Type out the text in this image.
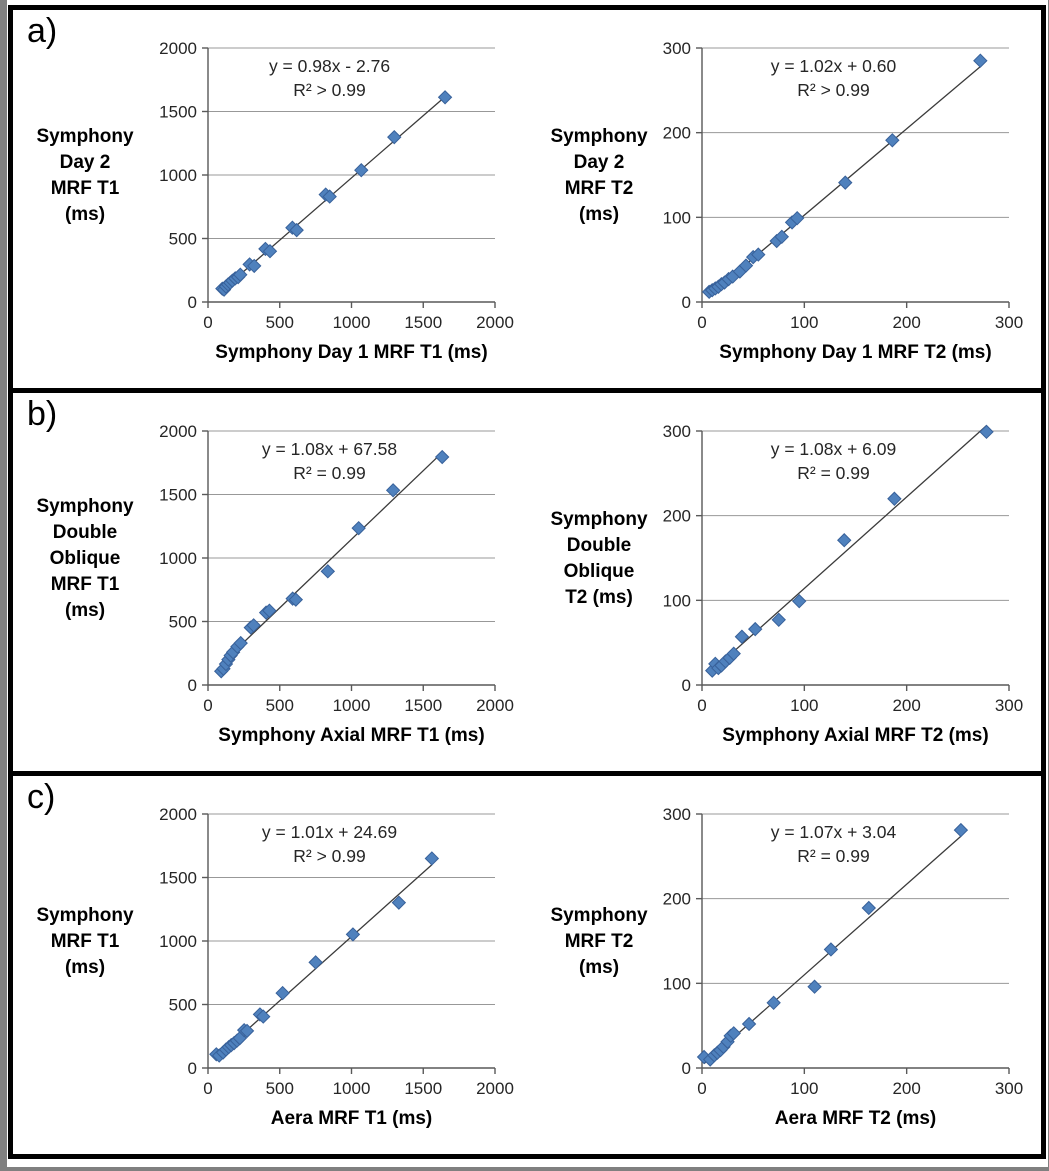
a)
0
500
1000
1500
2000
0	500 1000 1500 2000
y = 0.98x - 2.76
R² > 0.99
Symphony Day 1 MRF T1 (ms)
Symphony
Day 2
MRF T1
(ms)
0
100
200
300
0	100	200	300
y = 1.02x + 0.60
R² > 0.99
Symphony Day 1 MRF T2 (ms)
Symphony
Day 2
MRF T2
(ms)
b)
0
500
1000
1500
2000
0	500 1000 1500 2000
y = 1.08x + 67.58
R² = 0.99
Symphony Axial MRF T1 (ms)
Symphony
Double
Oblique
MRF T1
(ms)
0
100
200
300
0	100	200	300
y = 1.08x + 6.09
R² = 0.99
Symphony Axial MRF T2 (ms)
Symphony
Double
Oblique
T2 (ms)
c)
0
500
1000
1500
2000
0	500 1000 1500 2000
y = 1.01x + 24.69
R² > 0.99
Aera MRF T1 (ms)
Symphony
MRF T1
(ms)
0
100
200
300
0	100	200	300
y = 1.07x + 3.04
R² = 0.99
Aera MRF T2 (ms)
Symphony
MRF T2
(ms)
